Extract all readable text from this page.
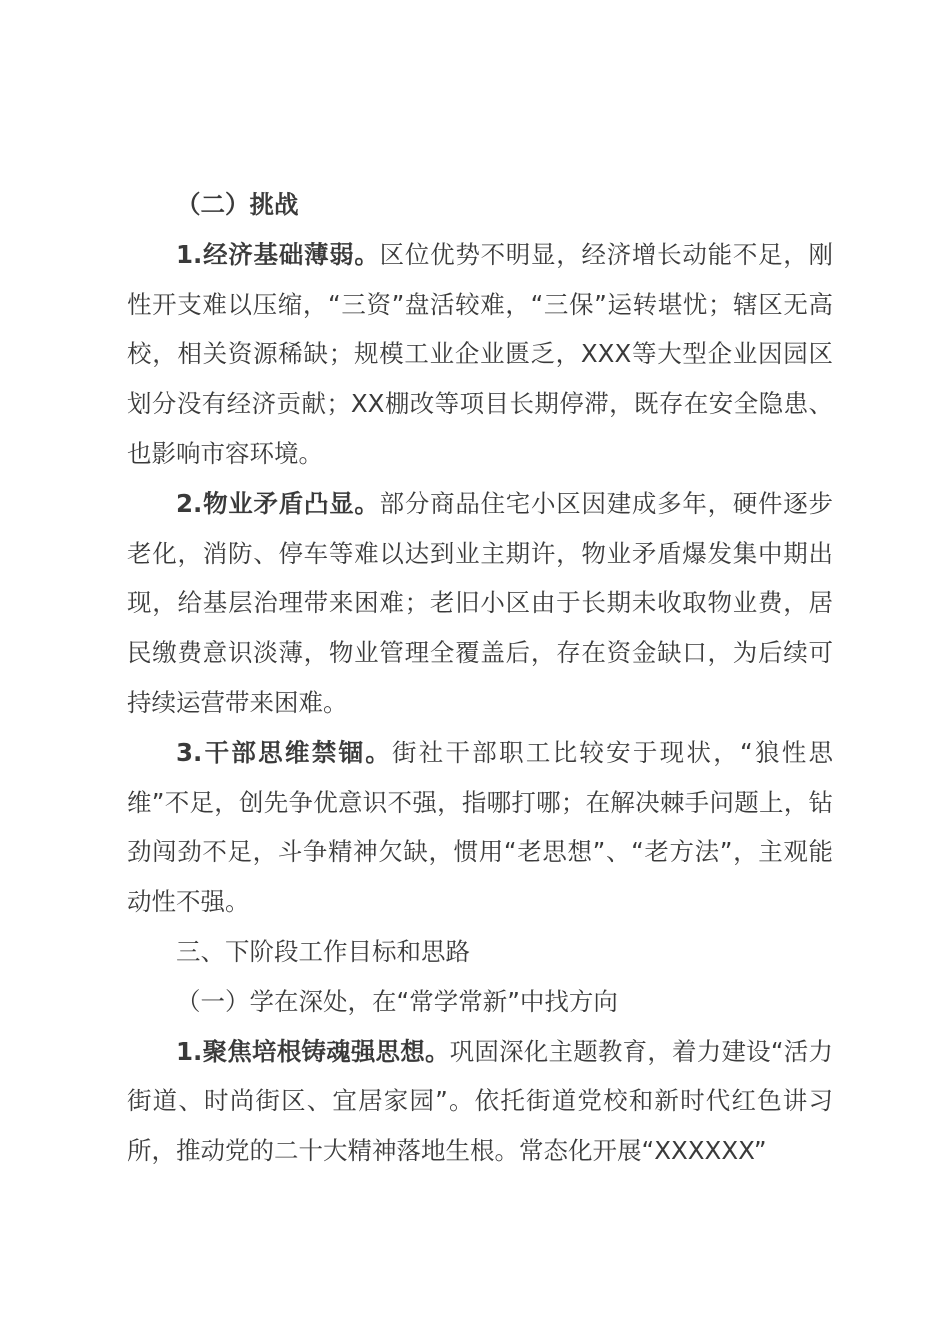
（二）挑战

1.经济基础薄弱。区位优势不明显，经济增长动能不足，刚性开支难以压缩，“三资”盘活较难，“三保”运转堪忧；辖区无高校，相关资源稀缺；规模工业企业匮乏，XXX等大型企业因园区划分没有经济贡献；XX棚改等项目长期停滞，既存在安全隐患、也影响市容环境。

2.物业矛盾凸显。部分商品住宅小区因建成多年，硬件逐步老化，消防、停车等难以达到业主期许，物业矛盾爆发集中期出现，给基层治理带来困难；老旧小区由于长期未收取物业费，居民缴费意识淡薄，物业管理全覆盖后，存在资金缺口，为后续可持续运营带来困难。

3.干部思维禁锢。街社干部职工比较安于现状，“狼性思维”不足，创先争优意识不强，指哪打哪；在解决棘手问题上，钻劲闯劲不足，斗争精神欠缺，惯用“老思想”、“老方法”，主观能动性不强。

三、下阶段工作目标和思路

（一）学在深处，在“常学常新”中找方向

1.聚焦培根铸魂强思想。巩固深化主题教育，着力建设“活力街道、时尚街区、宜居家园”。依托街道党校和新时代红色讲习所，推动党的二十大精神落地生根。常态化开展“XXXXXX”
